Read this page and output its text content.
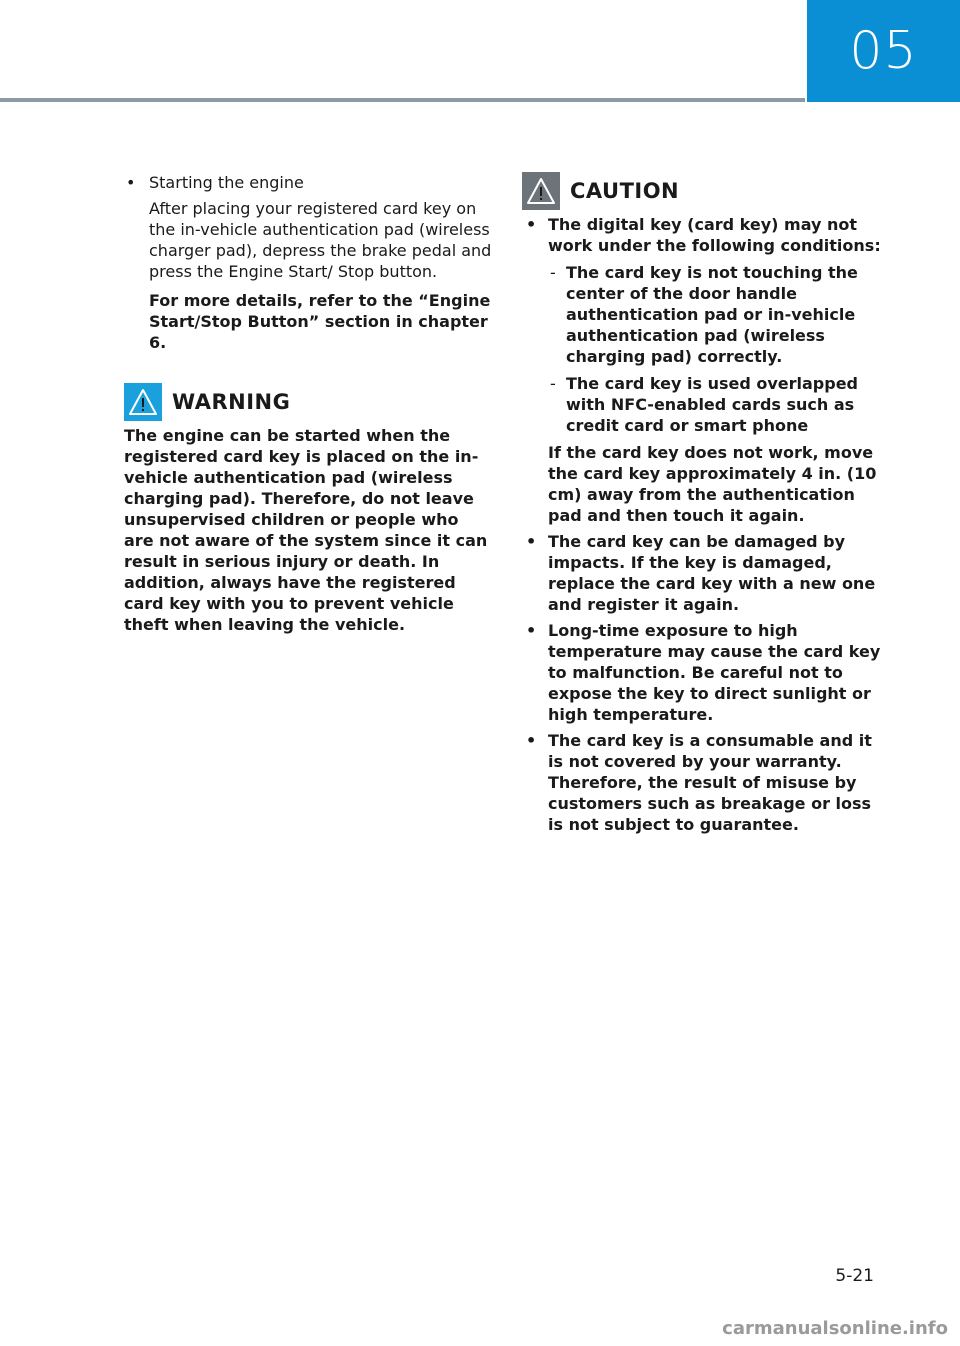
05
• Starting the engine

After placing your registered card key on the in-vehicle authentication pad (wireless charger pad), depress the brake pedal and press the Engine Start/ Stop button.

For more details, refer to the “Engine Start/Stop Button” section in chapter 6.

WARNING

The engine can be started when the registered card key is placed on the in-vehicle authentication pad (wireless charging pad). Therefore, do not leave unsupervised children or people who are not aware of the system since it can result in serious injury or death. In addition, always have the registered card key with you to prevent vehicle theft when leaving the vehicle.

CAUTION
• The digital key (card key) may not work under the following conditions:
- The card key is not touching the center of the door handle authentication pad or in-vehicle authentication pad (wireless charging pad) correctly.
- The card key is used overlapped with NFC-enabled cards such as credit card or smart phone

If the card key does not work, move the card key approximately 4 in. (10 cm) away from the authentication pad and then touch it again.

• The card key can be damaged by impacts. If the key is damaged, replace the card key with a new one and register it again.
• Long-time exposure to high temperature may cause the card key to malfunction. Be careful not to expose the key to direct sunlight or high temperature.
• The card key is a consumable and it is not covered by your warranty. Therefore, the result of misuse by customers such as breakage or loss is not subject to guarantee.
5-21
carmanualsonline.info
